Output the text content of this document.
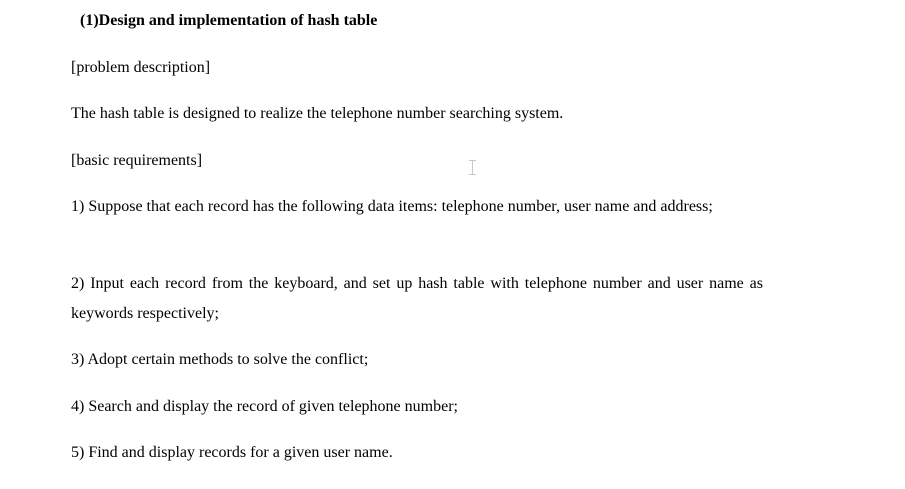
(1)Design and implementation of hash table
[problem description]
The hash table is designed to realize the telephone number searching system.
[basic requirements]
1) Suppose that each record has the following data items: telephone number, user name and address;
2) Input each record from the keyboard, and set up hash table with telephone number and user name as keywords respectively;
3) Adopt certain methods to solve the conflict;
4) Search and display the record of given telephone number;
5) Find and display records for a given user name.
